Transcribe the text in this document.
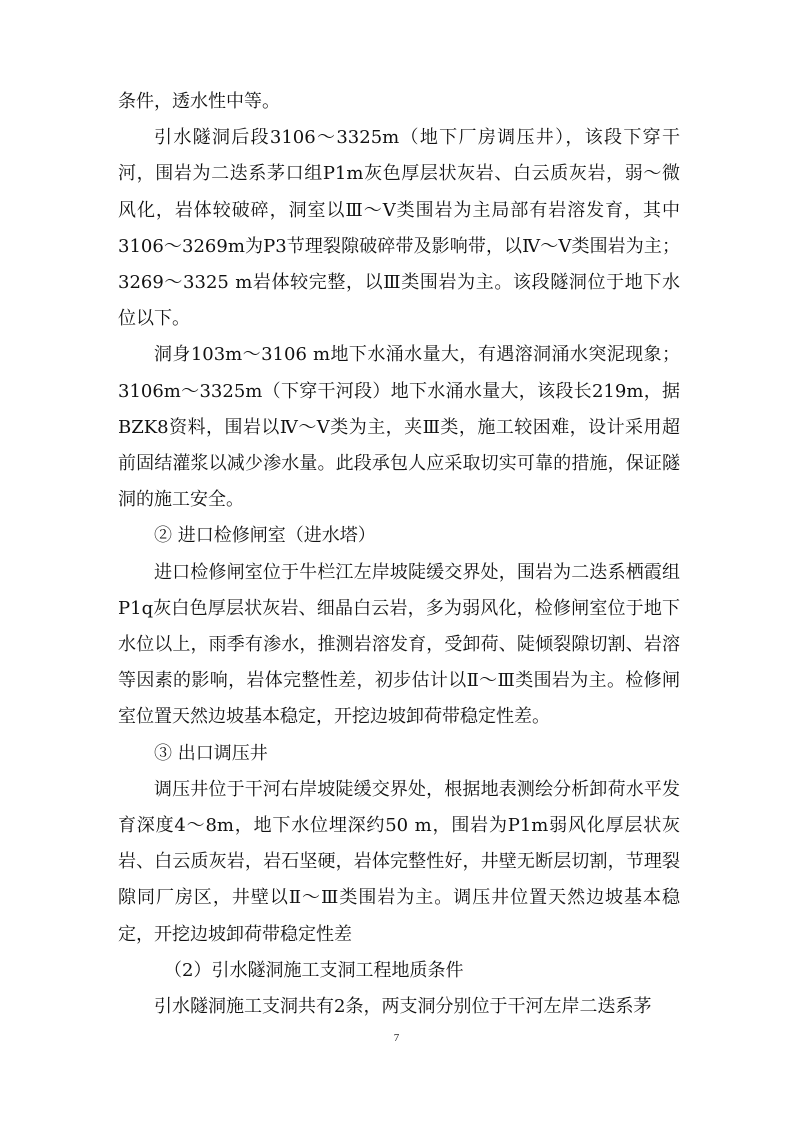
条件，透水性中等。

引水隧洞后段3106～3325m（地下厂房调压井），该段下穿干河，围岩为二迭系茅口组P1m灰色厚层状灰岩、白云质灰岩，弱～微风化，岩体较破碎，洞室以Ⅲ～Ⅴ类围岩为主局部有岩溶发育，其中3106～3269m为P3节理裂隙破碎带及影响带，以Ⅳ～Ⅴ类围岩为主； 3269～3325 m岩体较完整，以Ⅲ类围岩为主。该段隧洞位于地下水位以下。

洞身103m～3106 m地下水涌水量大，有遇溶洞涌水突泥现象；3106m～3325m（下穿干河段）地下水涌水量大，该段长219m，据BZK8资料，围岩以Ⅳ～Ⅴ类为主，夹Ⅲ类，施工较困难，设计采用超前固结灌浆以减少渗水量。此段承包人应采取切实可靠的措施，保证隧洞的施工安全。

② 进口检修闸室（进水塔）

进口检修闸室位于牛栏江左岸坡陡缓交界处，围岩为二迭系栖霞组P1q灰白色厚层状灰岩、细晶白云岩，多为弱风化，检修闸室位于地下水位以上，雨季有渗水，推测岩溶发育，受卸荷、陡倾裂隙切割、岩溶等因素的影响，岩体完整性差，初步估计以Ⅱ～Ⅲ类围岩为主。检修闸室位置天然边坡基本稳定，开挖边坡卸荷带稳定性差。

③ 出口调压井

调压井位于干河右岸坡陡缓交界处，根据地表测绘分析卸荷水平发育深度4～8m，地下水位埋深约50 m，围岩为P1m弱风化厚层状灰岩、白云质灰岩，岩石坚硬，岩体完整性好，井壁无断层切割，节理裂隙同厂房区，井壁以Ⅱ～Ⅲ类围岩为主。调压井位置天然边坡基本稳定，开挖边坡卸荷带稳定性差

（2）引水隧洞施工支洞工程地质条件

引水隧洞施工支洞共有2条，两支洞分别位于干河左岸二迭系茅

7
